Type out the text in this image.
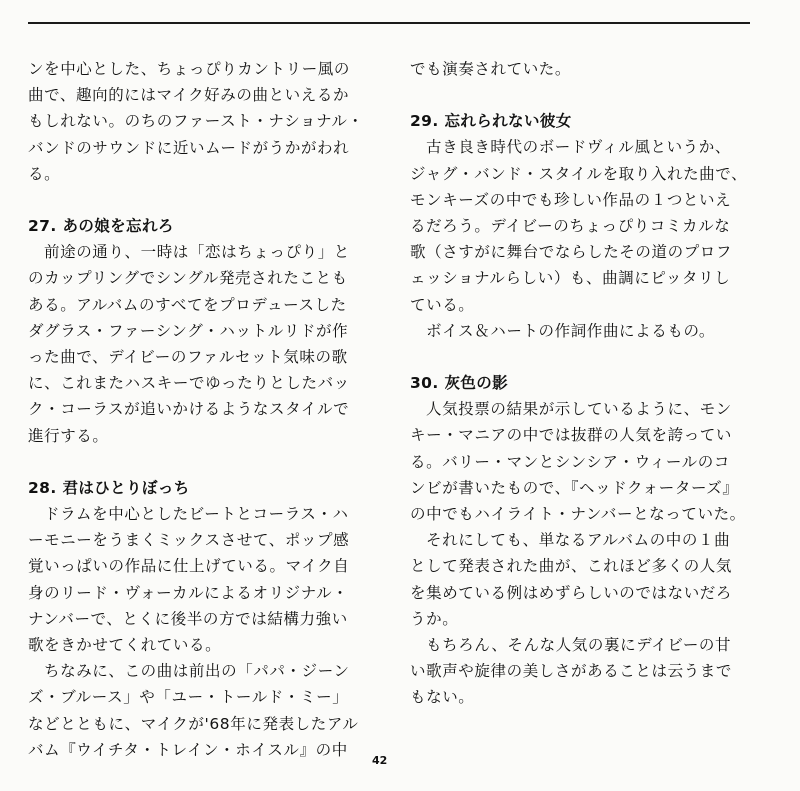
ンを中心とした、ちょっぴりカントリー風の
曲で、趣向的にはマイク好みの曲といえるか
もしれない。のちのファースト・ナショナル・
バンドのサウンドに近いムードがうかがわれ
る。

27. あの娘を忘れろ

前途の通り、一時は「恋はちょっぴり」と
のカップリングでシングル発売されたことも
ある。アルバムのすべてをプロデュースした
ダグラス・ファーシング・ハットルリドが作
った曲で、デイビーのファルセット気味の歌
に、これまたハスキーでゆったりとしたバッ
ク・コーラスが追いかけるようなスタイルで
進行する。

28. 君はひとりぼっち

ドラムを中心としたビートとコーラス・ハ
ーモニーをうまくミックスさせて、ポップ感
覚いっぱいの作品に仕上げている。マイク自
身のリード・ヴォーカルによるオリジナル・
ナンバーで、とくに後半の方では結構力強い
歌をきかせてくれている。

ちなみに、この曲は前出の「パパ・ジーン
ズ・ブルース」や「ユー・トールド・ミー」
などとともに、マイクが'68年に発表したアル
バム『ウイチタ・トレイン・ホイスル』の中

でも演奏されていた。

29. 忘れられない彼女

古き良き時代のボードヴィル風というか、
ジャグ・バンド・スタイルを取り入れた曲で、
モンキーズの中でも珍しい作品の１つといえ
るだろう。デイビーのちょっぴりコミカルな
歌（さすがに舞台でならしたその道のプロフ
ェッショナルらしい）も、曲調にピッタリし
ている。

ボイス＆ハートの作詞作曲によるもの。

30. 灰色の影

人気投票の結果が示しているように、モン
キー・マニアの中では抜群の人気を誇ってい
る。バリー・マンとシンシア・ウィールのコ
ンビが書いたもので、『ヘッドクォーターズ』
の中でもハイライト・ナンバーとなっていた。

それにしても、単なるアルバムの中の１曲
として発表された曲が、これほど多くの人気
を集めている例はめずらしいのではないだろ
うか。

もちろん、そんな人気の裏にデイビーの甘
い歌声や旋律の美しさがあることは云うまで
もない。

42
